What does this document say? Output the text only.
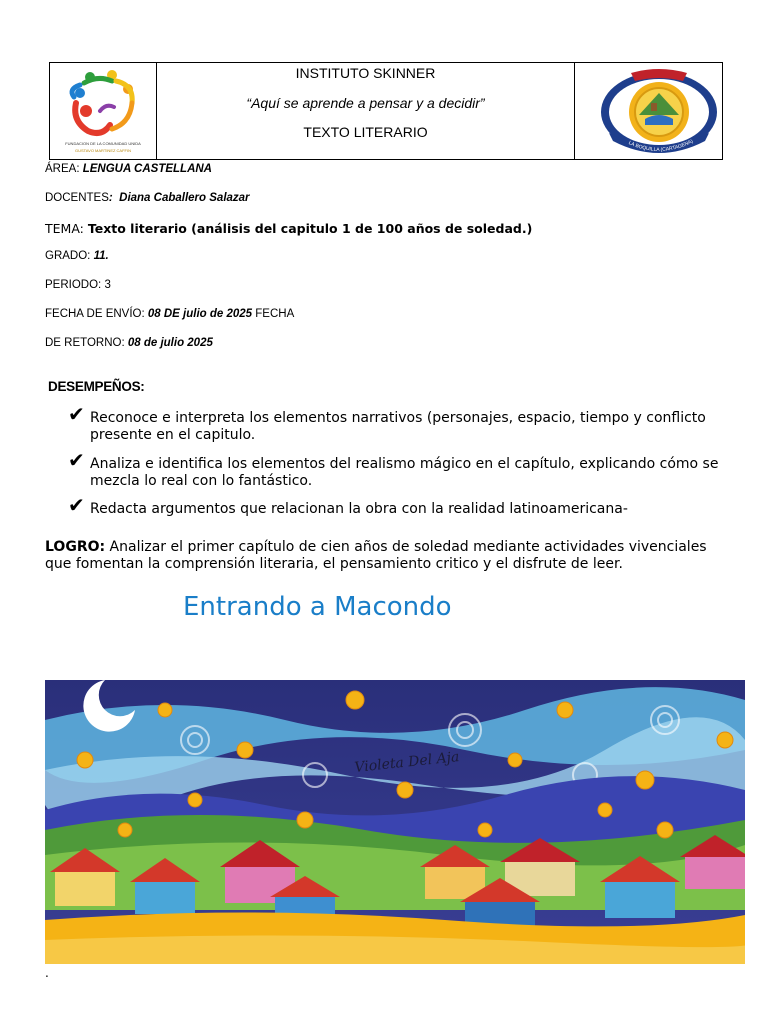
FUNDACION DE LA COMUNIDAD UNIDA
GUSTAVO MARTINEZ CAFFIN
INSTITUTO SKINNER
“Aquí se aprende a pensar y a decidir”
TEXTO LITERARIO
LA BOQUILLA (CARTAGENA)
ÁREA: LENGUA CASTELLANA
DOCENTES: Diana Caballero Salazar
TEMA: Texto literario (análisis del capitulo 1 de 100 años de soledad.)
GRADO: 11.
PERIODO: 3
FECHA DE ENVÍO: 08 DE julio de 2025 FECHA
DE RETORNO: 08 de julio 2025
DESEMPEÑOS:
✔ Reconoce e interpreta los elementos narrativos (personajes, espacio, tiempo y conflicto
presente en el capitulo.
✔ Analiza e identifica los elementos del realismo mágico en el capítulo, explicando cómo se
mezcla lo real con lo fantástico.
✔ Redacta argumentos que relacionan la obra con la realidad latinoamericana-
LOGRO: Analizar el primer capítulo de cien años de soledad mediante actividades vivenciales que fomentan la comprensión literaria, el pensamiento critico y el disfrute de leer.
Entrando a Macondo
Violeta Del Aja
.
